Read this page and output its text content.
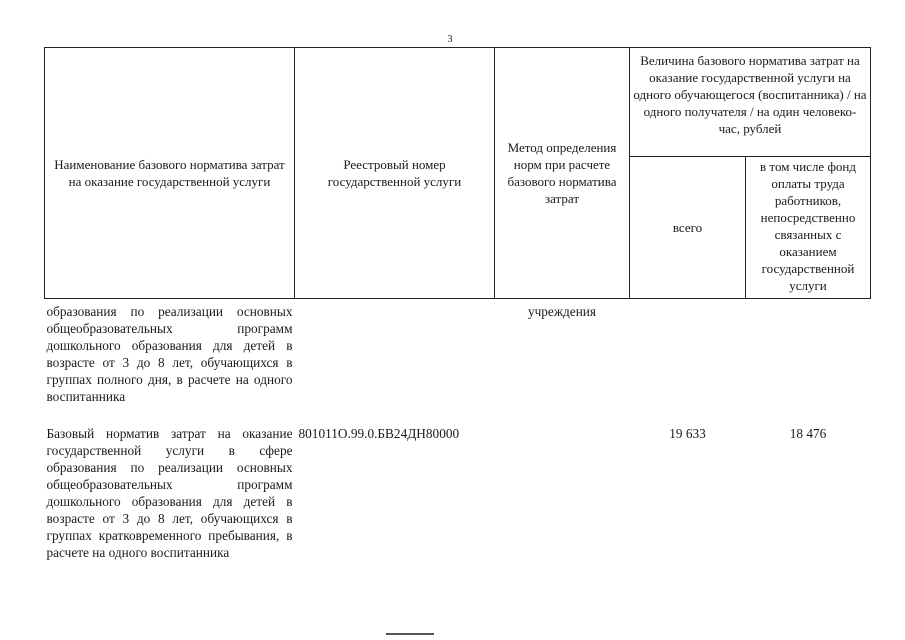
3
Наименование базового норматива затрат на оказание государственной услуги	Реестровый номер государственной услуги	Метод определения норм при расчете базового норматива затрат	Величина базового норматива затрат на оказание государственной услуги на одного обучающегося (воспитанника) / на одного получателя / на один человеко-час, рублей	
			всего	в том числе фонд оплаты труда работников, непосредственно связанных с оказанием государственной услуги
образования по реализации основных общеобразовательных программ дошкольного образования для детей в возрасте от 3 до 8 лет, обучающихся в группах полного дня, в расчете на одного воспитанника		учреждения		
Базовый норматив затрат на оказание государственной услуги в сфере образования по реализации основных общеобразовательных программ дошкольного образования для детей в возрасте от 3 до 8 лет, обучающихся в группах кратковременного пребывания, в расчете на одного воспитанника	801011О.99.0.БВ24ДН80000		19 633	18 476
